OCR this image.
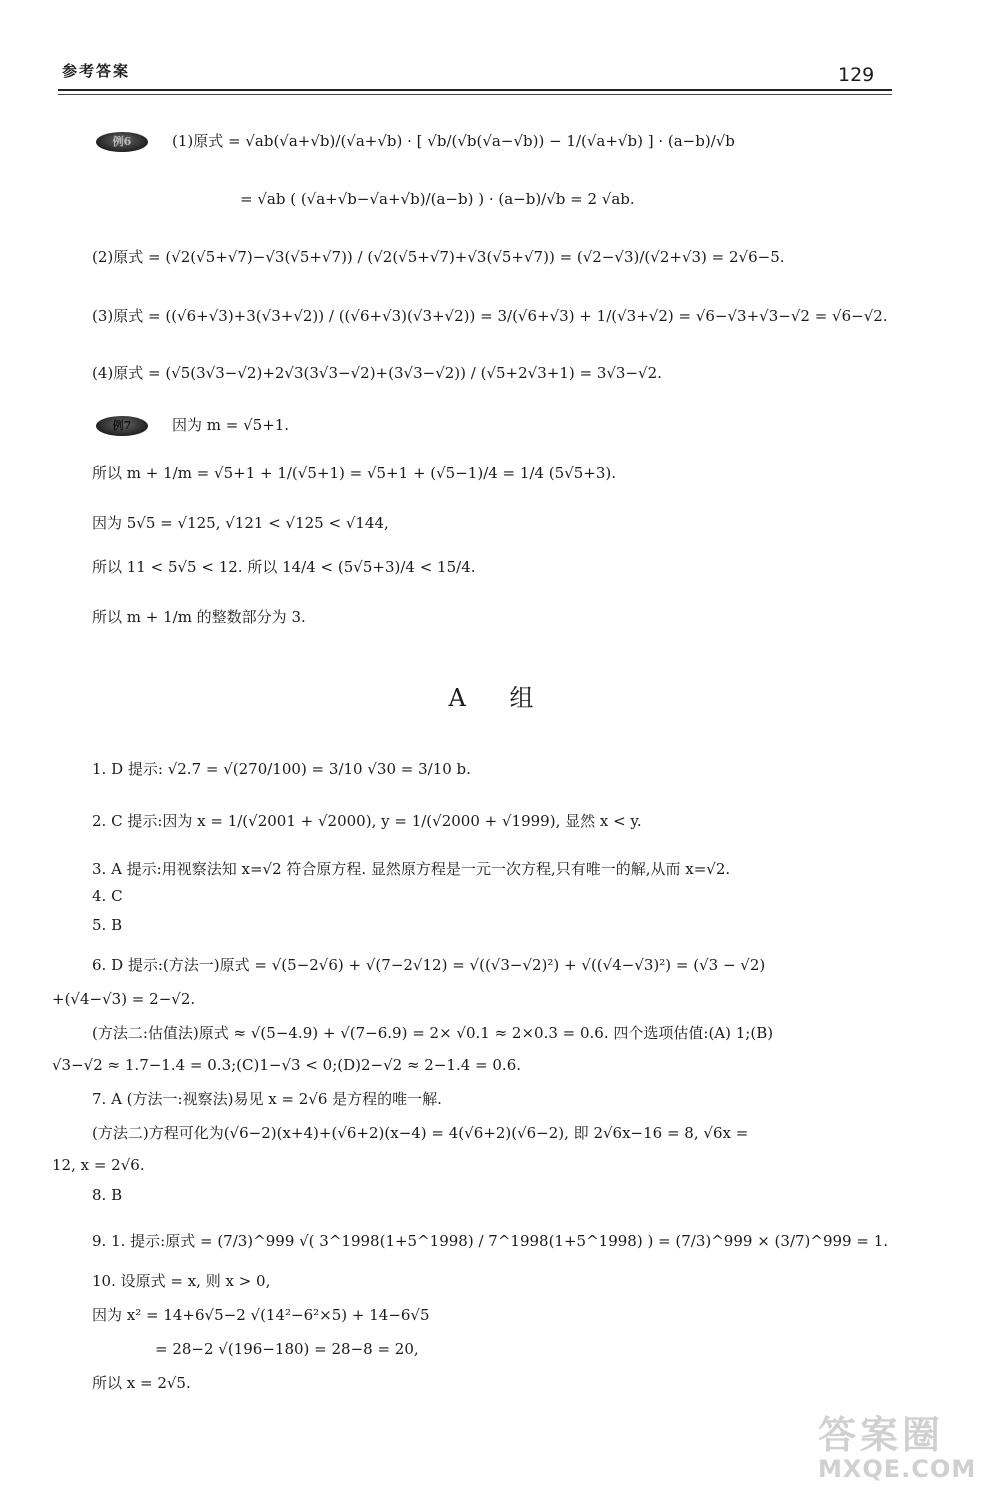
参考答案	129
例6	(1)原式 = √ab(√a+√b)/(√a+√b) · [ √b/(√b(√a−√b)) − 1/(√a+√b) ] · (a−b)/√b
= √ab ( (√a+√b−√a+√b)/(a−b) ) · (a−b)/√b = 2 √ab.
(2)原式 = (√2(√5+√7)−√3(√5+√7)) / (√2(√5+√7)+√3(√5+√7)) = (√2−√3)/(√2+√3) = 2√6−5.
(3)原式 = ((√6+√3)+3(√3+√2)) / ((√6+√3)(√3+√2)) = 3/(√6+√3) + 1/(√3+√2) = √6−√3+√3−√2 = √6−√2.
(4)原式 = (√5(3√3−√2)+2√3(3√3−√2)+(3√3−√2)) / (√5+2√3+1) = 3√3−√2.
例7	因为 m = √5+1.
所以 m + 1/m = √5+1 + 1/(√5+1) = √5+1 + (√5−1)/4 = 1/4 (5√5+3).
因为 5√5 = √125, √121 < √125 < √144,
所以 11 < 5√5 < 12. 所以 14/4 < (5√5+3)/4 < 15/4.
所以 m + 1/m 的整数部分为 3.
A 组
1. D 提示: √2.7 = √(270/100) = 3/10 √30 = 3/10 b.
2. C 提示:因为 x = 1/(√2001 + √2000), y = 1/(√2000 + √1999), 显然 x < y.
3. A 提示:用视察法知 x=√2 符合原方程. 显然原方程是一元一次方程,只有唯一的解,从而 x=√2.
4. C
5. B
6. D 提示:(方法一)原式 = √(5−2√6) + √(7−2√12) = √((√3−√2)²) + √((√4−√3)²) = (√3 − √2)
+(√4−√3) = 2−√2.
(方法二:估值法)原式 ≈ √(5−4.9) + √(7−6.9) = 2× √0.1 ≈ 2×0.3 = 0.6. 四个选项估值:(A) 1;(B)
√3−√2 ≈ 1.7−1.4 = 0.3;(C)1−√3 < 0;(D)2−√2 ≈ 2−1.4 = 0.6.
7. A (方法一:视察法)易见 x = 2√6 是方程的唯一解.
(方法二)方程可化为(√6−2)(x+4)+(√6+2)(x−4) = 4(√6+2)(√6−2), 即 2√6x−16 = 8, √6x =
12, x = 2√6.
8. B
9. 1. 提示:原式 = (7/3)^999 √( 3^1998(1+5^1998) / 7^1998(1+5^1998) ) = (7/3)^999 × (3/7)^999 = 1.
10. 设原式 = x, 则 x > 0,
因为 x² = 14+6√5−2 √(14²−6²×5) + 14−6√5
= 28−2 √(196−180) = 28−8 = 20,
所以 x = 2√5.
答案圈
MXQE.COM
